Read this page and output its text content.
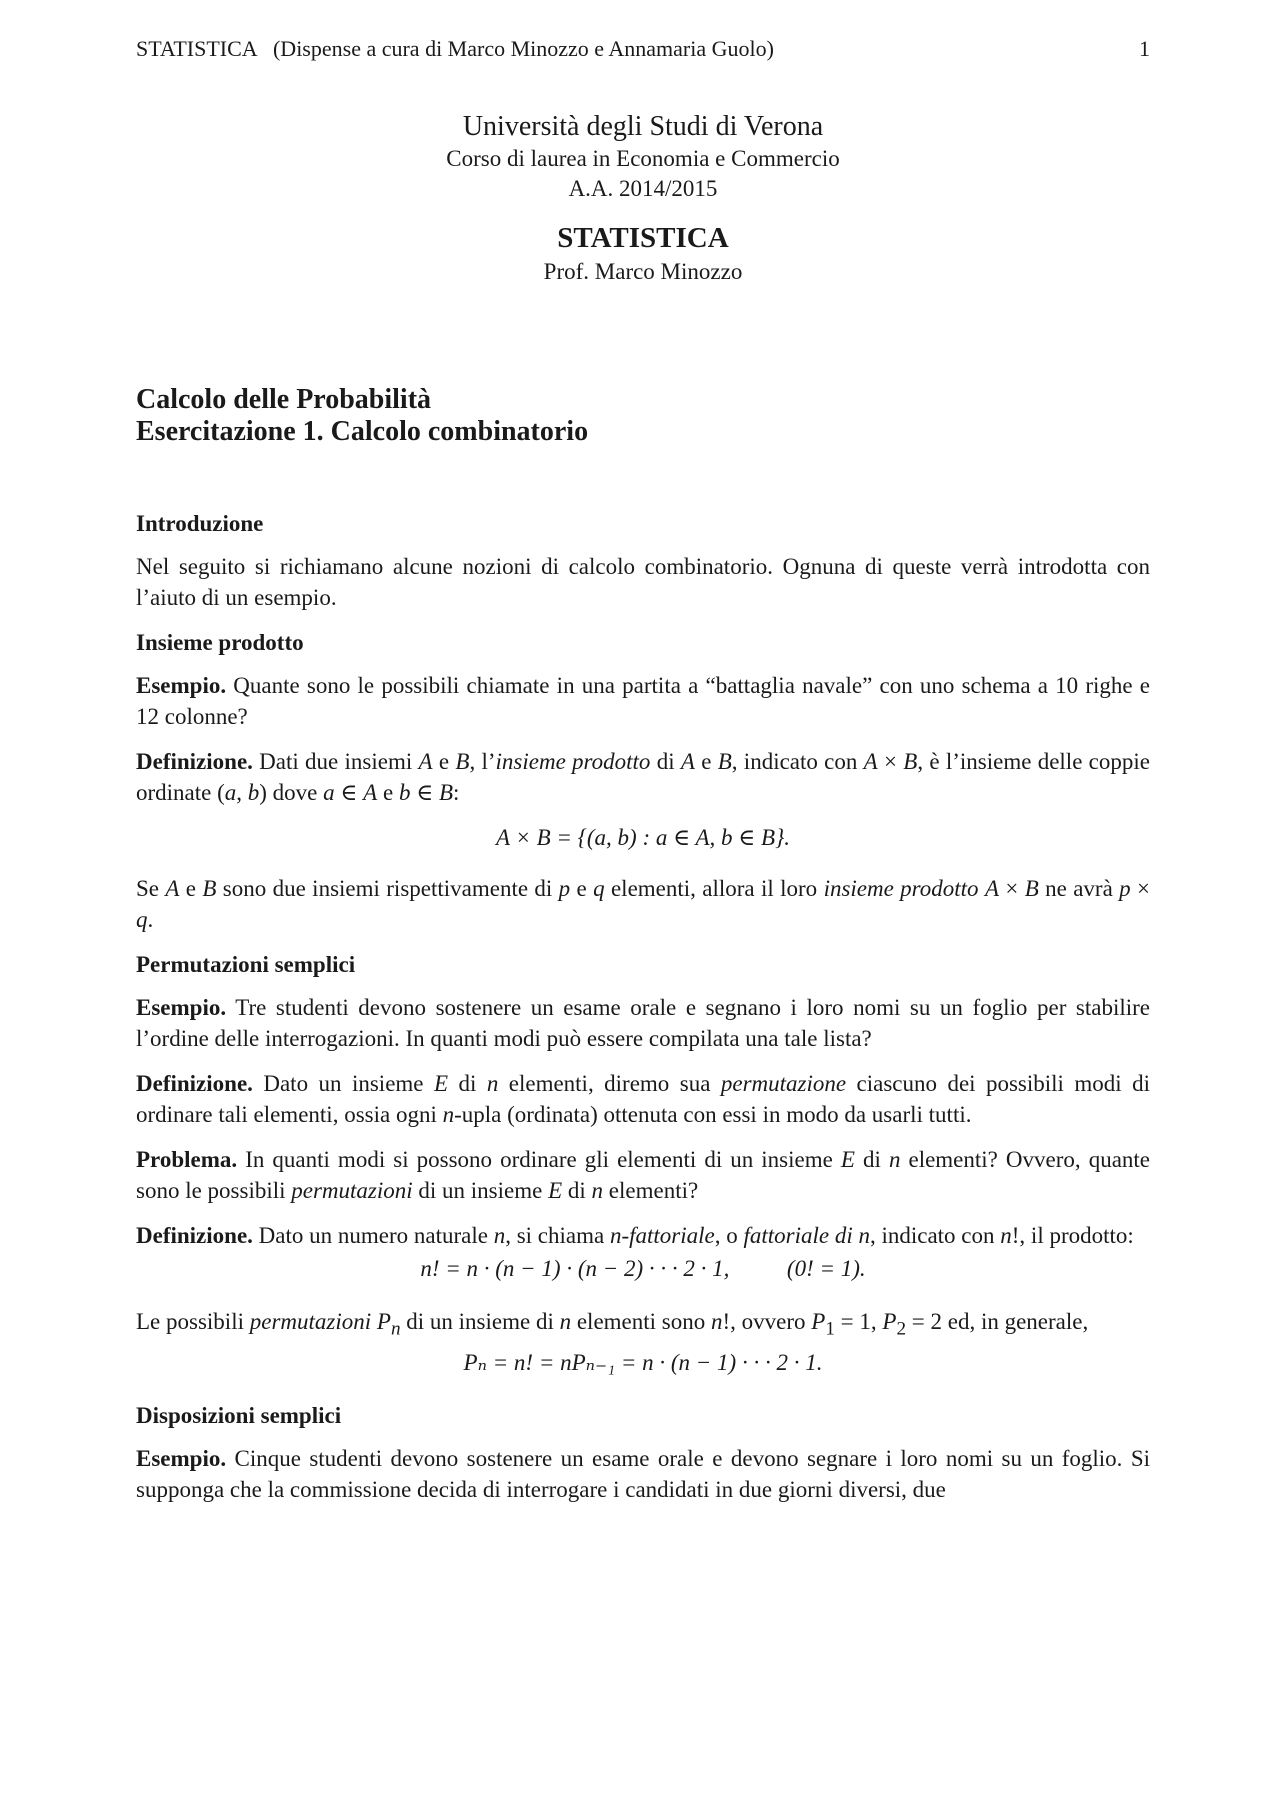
STATISTICA   (Dispense a cura di Marco Minozzo e Annamaria Guolo)	1
Università degli Studi di Verona
Corso di laurea in Economia e Commercio
A.A. 2014/2015
STATISTICA
Prof. Marco Minozzo
Calcolo delle Probabilità
Esercitazione 1. Calcolo combinatorio
Introduzione

Nel seguito si richiamano alcune nozioni di calcolo combinatorio. Ognuna di queste verrà introdotta con l’aiuto di un esempio.

Insieme prodotto

Esempio. Quante sono le possibili chiamate in una partita a “battaglia navale” con uno schema a 10 righe e 12 colonne?

Definizione. Dati due insiemi A e B, l’insieme prodotto di A e B, indicato con A × B, è l’insieme delle coppie ordinate (a, b) dove a ∈ A e b ∈ B:

A × B = {(a, b) : a ∈ A, b ∈ B}.

Se A e B sono due insiemi rispettivamente di p e q elementi, allora il loro insieme prodotto A × B ne avrà p × q.

Permutazioni semplici

Esempio. Tre studenti devono sostenere un esame orale e segnano i loro nomi su un foglio per stabilire l’ordine delle interrogazioni. In quanti modi può essere compilata una tale lista?

Definizione. Dato un insieme E di n elementi, diremo sua permutazione ciascuno dei possibili modi di ordinare tali elementi, ossia ogni n-upla (ordinata) ottenuta con essi in modo da usarli tutti.

Problema. In quanti modi si possono ordinare gli elementi di un insieme E di n elementi? Ovvero, quante sono le possibili permutazioni di un insieme E di n elementi?

Definizione. Dato un numero naturale n, si chiama n-fattoriale, o fattoriale di n, indicato con n!, il prodotto:

n! = n · (n − 1) · (n − 2) · · · 2 · 1,          (0! = 1).

Le possibili permutazioni $P_n$ di un insieme di n elementi sono n!, ovvero $P_1 = 1$, $P_2 = 2$ ed, in generale,

Pₙ = n! = nPₙ₋₁ = n · (n − 1) · · · 2 · 1.
Disposizioni semplici

Esempio. Cinque studenti devono sostenere un esame orale e devono segnare i loro nomi su un foglio. Si supponga che la commissione decida di interrogare i candidati in due giorni diversi, due
